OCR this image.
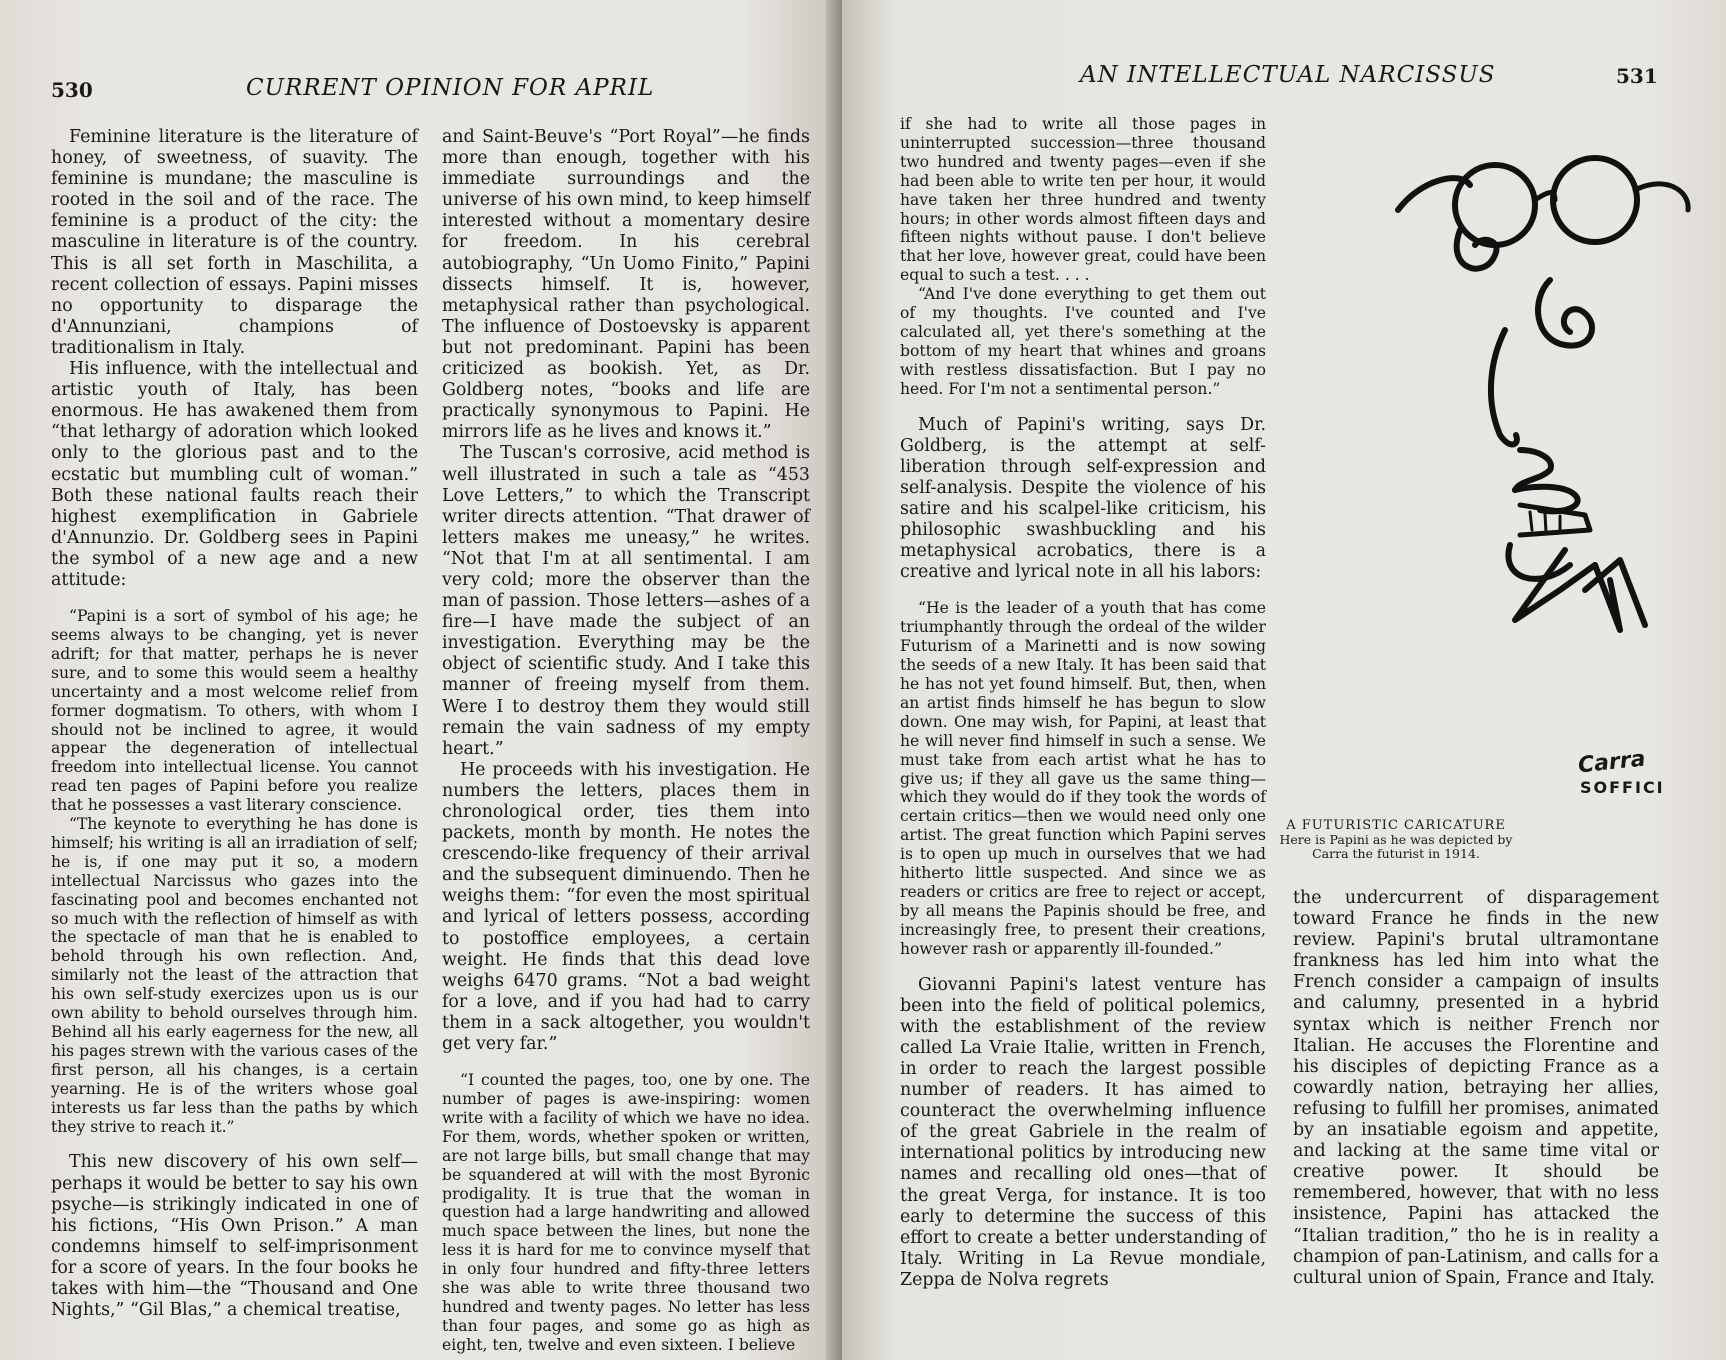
530	CURRENT OPINION FOR APRIL

Feminine literature is the literature of honey, of sweetness, of suavity. The feminine is mundane; the masculine is rooted in the soil and of the race. The feminine is a product of the city: the masculine in literature is of the country. This is all set forth in Maschilita, a recent collection of essays. Papini misses no opportunity to disparage the d'Annunziani, champions of traditionalism in Italy.

His influence, with the intellectual and artistic youth of Italy, has been enormous. He has awakened them from “that lethargy of adoration which looked only to the glorious past and to the ecstatic but mumbling cult of woman.” Both these national faults reach their highest exemplification in Gabriele d'Annunzio. Dr. Goldberg sees in Papini the symbol of a new age and a new attitude:

“Papini is a sort of symbol of his age; he seems always to be changing, yet is never adrift; for that matter, perhaps he is never sure, and to some this would seem a healthy uncertainty and a most welcome relief from former dogmatism. To others, with whom I should not be inclined to agree, it would appear the degeneration of intellectual freedom into intellectual license. You cannot read ten pages of Papini before you realize that he possesses a vast literary conscience.

“The keynote to everything he has done is himself; his writing is all an irradiation of self; he is, if one may put it so, a modern intellectual Narcissus who gazes into the fascinating pool and becomes enchanted not so much with the reflection of himself as with the spectacle of man that he is enabled to behold through his own reflection. And, similarly not the least of the attraction that his own self-study exercizes upon us is our own ability to behold ourselves through him. Behind all his early eagerness for the new, all his pages strewn with the various cases of the first person, all his changes, is a certain yearning. He is of the writers whose goal interests us far less than the paths by which they strive to reach it.”

This new discovery of his own self—perhaps it would be better to say his own psyche—is strikingly indicated in one of his fictions, “His Own Prison.” A man condemns himself to self-imprisonment for a score of years. In the four books he takes with him—the “Thousand and One Nights,” “Gil Blas,” a chemical treatise,

and Saint-Beuve's “Port Royal”—he finds more than enough, together with his immediate surroundings and the universe of his own mind, to keep himself interested without a momentary desire for freedom. In his cerebral autobiography, “Un Uomo Finito,” Papini dissects himself. It is, however, metaphysical rather than psychological. The influence of Dostoevsky is apparent but not predominant. Papini has been criticized as bookish. Yet, as Dr. Goldberg notes, “books and life are practically synonymous to Papini. He mirrors life as he lives and knows it.”

The Tuscan's corrosive, acid method is well illustrated in such a tale as “453 Love Letters,” to which the Transcript writer directs attention. “That drawer of letters makes me uneasy,” he writes. “Not that I'm at all sentimental. I am very cold; more the observer than the man of passion. Those letters—ashes of a fire—I have made the subject of an investigation. Everything may be the object of scientific study. And I take this manner of freeing myself from them. Were I to destroy them they would still remain the vain sadness of my empty heart.”

He proceeds with his investigation. He numbers the letters, places them in chronological order, ties them into packets, month by month. He notes the crescendo-like frequency of their arrival and the subsequent diminuendo. Then he weighs them: “for even the most spiritual and lyrical of letters possess, according to postoffice employees, a certain weight. He finds that this dead love weighs 6470 grams. “Not a bad weight for a love, and if you had had to carry them in a sack altogether, you wouldn't get very far.”

“I counted the pages, too, one by one. The number of pages is awe-inspiring: women write with a facility of which we have no idea. For them, words, whether spoken or written, are not large bills, but small change that may be squandered at will with the most Byronic prodigality. It is true that the woman in question had a large handwriting and allowed much space between the lines, but none the less it is hard for me to convince myself that in only four hundred and fifty-three letters she was able to write three thousand two hundred and twenty pages. No letter has less than four pages, and some go as high as eight, ten, twelve and even sixteen. I believe

AN INTELLECTUAL NARCISSUS	531

if she had to write all those pages in uninterrupted succession—three thousand two hundred and twenty pages—even if she had been able to write ten per hour, it would have taken her three hundred and twenty hours; in other words almost fifteen days and fifteen nights without pause. I don't believe that her love, however great, could have been equal to such a test. . . .

“And I've done everything to get them out of my thoughts. I've counted and I've calculated all, yet there's something at the bottom of my heart that whines and groans with restless dissatisfaction. But I pay no heed. For I'm not a sentimental person.”

Much of Papini's writing, says Dr. Goldberg, is the attempt at self-liberation through self-expression and self-analysis. Despite the violence of his satire and his scalpel-like criticism, his philosophic swashbuckling and his metaphysical acrobatics, there is a creative and lyrical note in all his labors:

“He is the leader of a youth that has come triumphantly through the ordeal of the wilder Futurism of a Marinetti and is now sowing the seeds of a new Italy. It has been said that he has not yet found himself. But, then, when an artist finds himself he has begun to slow down. One may wish, for Papini, at least that he will never find himself in such a sense. We must take from each artist what he has to give us; if they all gave us the same thing—which they would do if they took the words of certain critics—then we would need only one artist. The great function which Papini serves is to open up much in ourselves that we had hitherto little suspected. And since we as readers or critics are free to reject or accept, by all means the Papinis should be free, and increasingly free, to present their creations, however rash or apparently ill-founded.”

Giovanni Papini's latest venture has been into the field of political polemics, with the establishment of the review called La Vraie Italie, written in French, in order to reach the largest possible number of readers. It has aimed to counteract the overwhelming influence of the great Gabriele in the realm of international politics by introducing new names and recalling old ones—that of the great Verga, for instance. It is too early to determine the success of this effort to create a better understanding of Italy. Writing in La Revue mondiale, Zeppa de Nolva regrets

Carra
SOFFICI
A FUTURISTIC CARICATURE
Here is Papini as he was depicted by Carra the futurist in 1914.

the undercurrent of disparagement toward France he finds in the new review. Papini's brutal ultramontane frankness has led him into what the French consider a campaign of insults and calumny, presented in a hybrid syntax which is neither French nor Italian. He accuses the Florentine and his disciples of depicting France as a cowardly nation, betraying her allies, refusing to fulfill her promises, animated by an insatiable egoism and appetite, and lacking at the same time vital or creative power. It should be remembered, however, that with no less insistence, Papini has attacked the “Italian tradition,” tho he is in reality a champion of pan-Latinism, and calls for a cultural union of Spain, France and Italy.
